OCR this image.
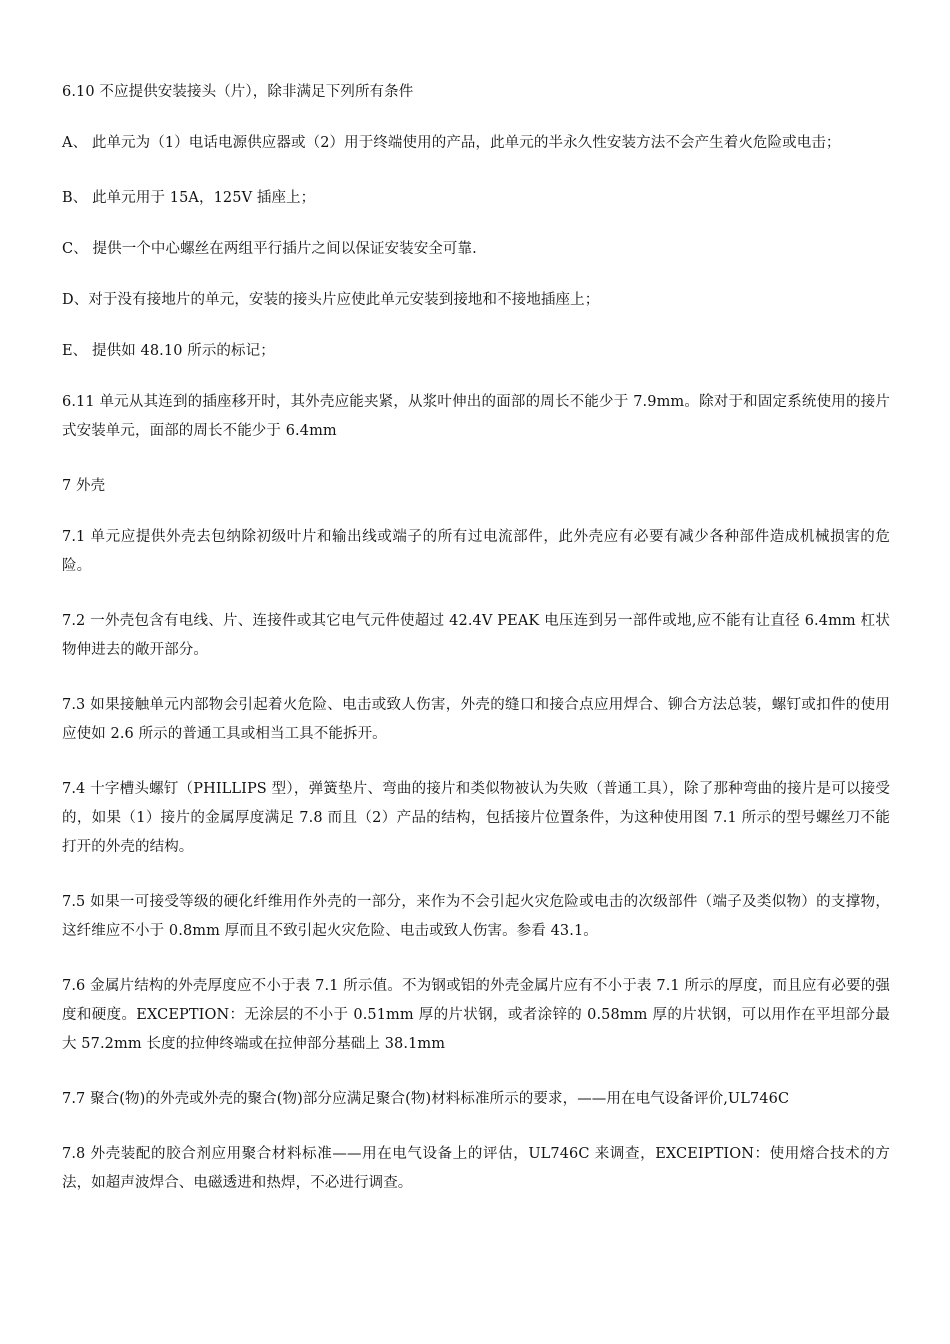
6.10 不应提供安装接头（片），除非满足下列所有条件

A、 此单元为（1）电话电源供应器或（2）用于终端使用的产品，此单元的半永久性安装方法不会产生着火危险或电击；

B、 此单元用于 15A，125V 插座上；

C、 提供一个中心螺丝在两组平行插片之间以保证安装安全可靠.

D、对于没有接地片的单元，安装的接头片应使此单元安装到接地和不接地插座上；

E、 提供如 48.10 所示的标记；

6.11 单元从其连到的插座移开时，其外壳应能夹紧，从浆叶伸出的面部的周长不能少于 7.9mm。除对于和固定系统使用的接片式安装单元，面部的周长不能少于 6.4mm

7 外壳

7.1 单元应提供外壳去包纳除初级叶片和输出线或端子的所有过电流部件，此外壳应有必要有减少各种部件造成机械损害的危险。

7.2 一外壳包含有电线、片、连接件或其它电气元件使超过 42.4V PEAK 电压连到另一部件或地,应不能有让直径 6.4mm 杠状物伸进去的敞开部分。

7.3 如果接触单元内部物会引起着火危险、电击或致人伤害，外壳的缝口和接合点应用焊合、铆合方法总装，螺钉或扣件的使用应使如 2.6 所示的普通工具或相当工具不能拆开。

7.4 十字槽头螺钉（PHILLIPS 型），弹簧垫片、弯曲的接片和类似物被认为失败（普通工具），除了那种弯曲的接片是可以接受的，如果（1）接片的金属厚度满足 7.8 而且（2）产品的结构，包括接片位置条件，为这种使用图 7.1 所示的型号螺丝刀不能打开的外壳的结构。

7.5 如果一可接受等级的硬化纤维用作外壳的一部分，来作为不会引起火灾危险或电击的次级部件（端子及类似物）的支撑物，这纤维应不小于 0.8mm 厚而且不致引起火灾危险、电击或致人伤害。参看 43.1。

7.6 金属片结构的外壳厚度应不小于表 7.1 所示值。不为钢或铝的外壳金属片应有不小于表 7.1 所示的厚度，而且应有必要的强度和硬度。EXCEPTION：无涂层的不小于 0.51mm 厚的片状钢，或者涂锌的 0.58mm 厚的片状钢，可以用作在平坦部分最大 57.2mm 长度的拉伸终端或在拉伸部分基础上 38.1mm

7.7 聚合(物)的外壳或外壳的聚合(物)部分应满足聚合(物)材料标准所示的要求，——用在电气设备评价,UL746C

7.8 外壳装配的胶合剂应用聚合材料标准——用在电气设备上的评估，UL746C 来调查，EXCEIPTION：使用熔合技术的方法，如超声波焊合、电磁透进和热焊，不必进行调查。
